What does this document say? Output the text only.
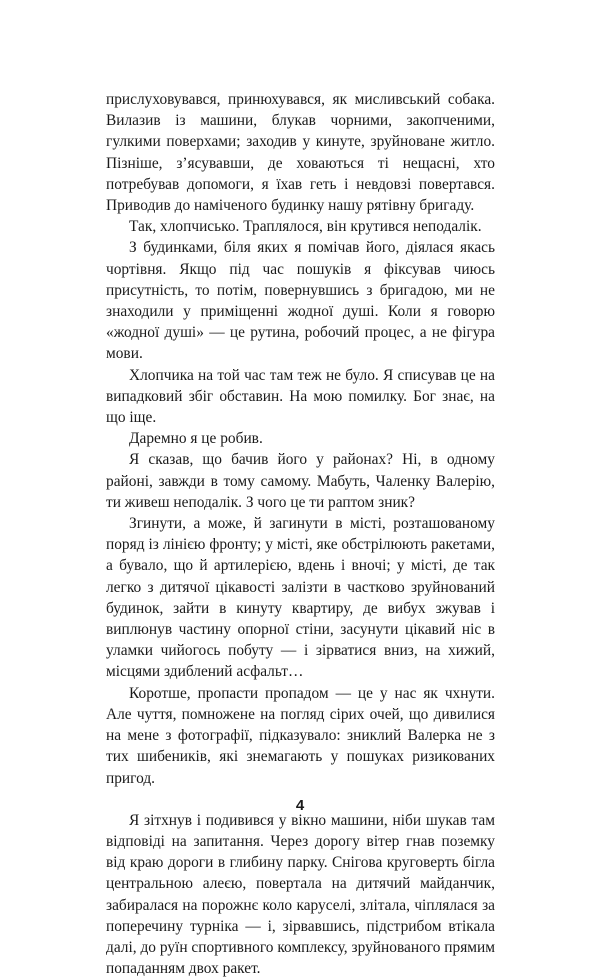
прислуховувався, принюхувався, як мисливський собака. Вилазив із машини, блукав чорними, закопченими, гулкими поверхами; заходив у кинуте, зруйноване житло. Пізніше, з’ясувавши, де ховаються ті нещасні, хто потребував допомоги, я їхав геть і невдовзі повертався. Приводив до наміченого будинку нашу рятівну бригаду.

Так, хлопчисько. Траплялося, він крутився неподалік.

З будинками, біля яких я помічав його, діялася якась чортівня. Якщо під час пошуків я фіксував чиюсь присутність, то потім, повернувшись з бригадою, ми не знаходили у приміщенні жодної душі. Коли я говорю «жодної душі» — це рутина, робочий процес, а не фігура мови.

Хлопчика на той час там теж не було. Я списував це на випадковий збіг обставин. На мою помилку. Бог знає, на що іще.

Даремно я це робив.

Я сказав, що бачив його у районах? Ні, в одному районі, завжди в тому самому. Мабуть, Чаленку Валерію, ти живеш неподалік. З чого це ти раптом зник?

Згинути, а може, й загинути в місті, розташованому поряд із лінією фронту; у місті, яке обстрілюють ракетами, а бувало, що й артилерією, вдень і вночі; у місті, де так легко з дитячої цікавості залізти в частково зруйнований будинок, зайти в кинуту квартиру, де вибух зжував і виплюнув частину опорної стіни, засунути цікавий ніс в уламки чийогось побуту — і зірватися вниз, на хижий, місцями здиблений асфальт…

Коротше, пропасти пропадом — це у нас як чхнути. Але чуття, помножене на погляд сірих очей, що дивилися на мене з фотографії, підказувало: зниклий Валерка не з тих шибеників, які знемагають у пошуках ризикованих пригод.

Я зітхнув і подивився у вікно машини, ніби шукав там відповіді на запитання. Через дорогу вітер гнав поземку від краю дороги в глибину парку. Снігова круговерть бігла центральною алеєю, повертала на дитячий майданчик, забиралася на порожнє коло каруселі, злітала, чіплялася за поперечину турніка — і, зірвавшись, підстрибом втікала далі, до руїн спортивного комплексу, зруйнованого прямим попаданням двох ракет.

4
